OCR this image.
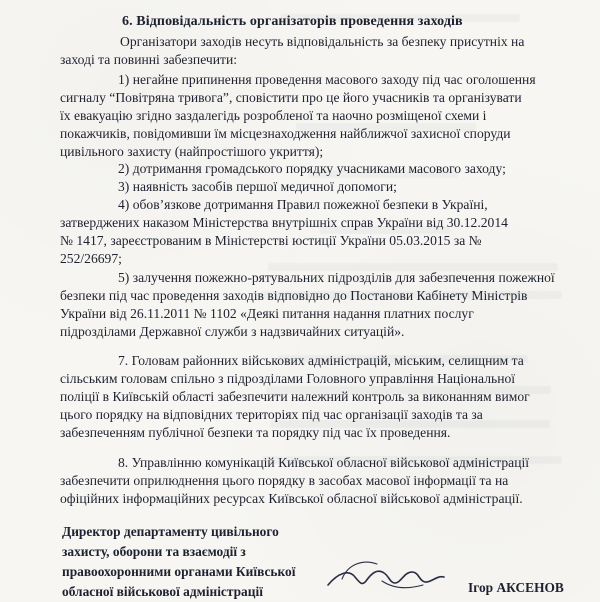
6. Відповідальність організаторів проведення заходів
Організатори заходів несуть відповідальність за безпеку присутніх на
заході та повинні забезпечити:
1) негайне припинення проведення масового заходу під час оголошення
сигналу “Повітряна тривога”, сповістити про це його учасників та організувати
їх евакуацію згідно заздалегідь розробленої та наочно розміщеної схеми і
покажчиків, повідомивши їм місцезнаходження найближчої захисної споруди
цивільного захисту (найпростішого укриття);
2) дотримання громадського порядку учасниками масового заходу;
3) наявність засобів першої медичної допомоги;
4) обов’язкове дотримання Правил пожежної безпеки в Україні,
затверджених наказом Міністерства внутрішніх справ України від 30.12.2014
№ 1417, зареєстрованим в Міністерстві юстиції України 05.03.2015 за №
252/26697;
5) залучення пожежно-рятувальних підрозділів для забезпечення пожежної
безпеки під час проведення заходів відповідно до Постанови Кабінету Міністрів
України від 26.11.2011 № 1102 «Деякі питання надання платних послуг
підрозділами Державної служби з надзвичайних ситуацій».
7. Головам районних військових адміністрацій, міським, селищним та
сільським головам спільно з підрозділами Головного управління Національної
поліції в Київській області забезпечити належний контроль за виконанням вимог
цього порядку на відповідних територіях під час організації заходів та за
забезпеченням публічної безпеки та порядку під час їх проведення.
8. Управлінню комунікацій Київської обласної військової адміністрації
забезпечити оприлюднення цього порядку в засобах масової інформації та на
офіційних інформаційних ресурсах Київської обласної військової адміністрації.
Директор департаменту цивільного
захисту, оборони та взаємодії з
правоохоронними органами Київської
обласної військової адміністрації	Ігор АКСЕНОВ
